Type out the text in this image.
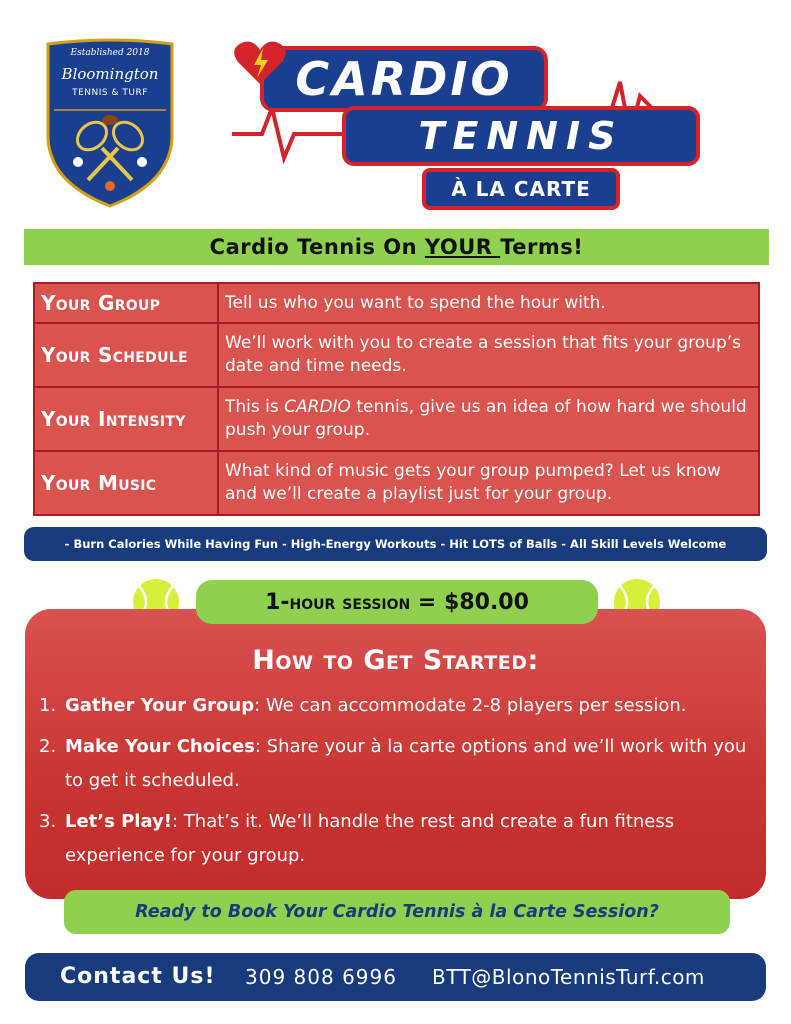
Established 2018
Bloomington
TENNIS & TURF	CARDIO
TENNIS
À LA CARTE
Cardio Tennis On YOUR Terms!
Your Group	Tell us who you want to spend the hour with.
Your Schedule	We’ll work with you to create a session that fits your group’s date and time needs.
Your Intensity	This is CARDIO tennis, give us an idea of how hard we should push your group.
Your Music	What kind of music gets your group pumped? Let us know and we’ll create a playlist just for your group.
- Burn Calories While Having Fun - High-Energy Workouts - Hit LOTS of Balls - All Skill Levels Welcome
1-hour session = $80.00
How to Get Started:
1. Gather Your Group: We can accommodate 2-8 players per session.
2. Make Your Choices: Share your à la carte options and we’ll work with you to get it scheduled.
3. Let’s Play!: That’s it. We’ll handle the rest and create a fun fitness experience for your group.
Ready to Book Your Cardio Tennis à la Carte Session?
Contact Us! 309 808 6996 BTT@BlonoTennisTurf.com
